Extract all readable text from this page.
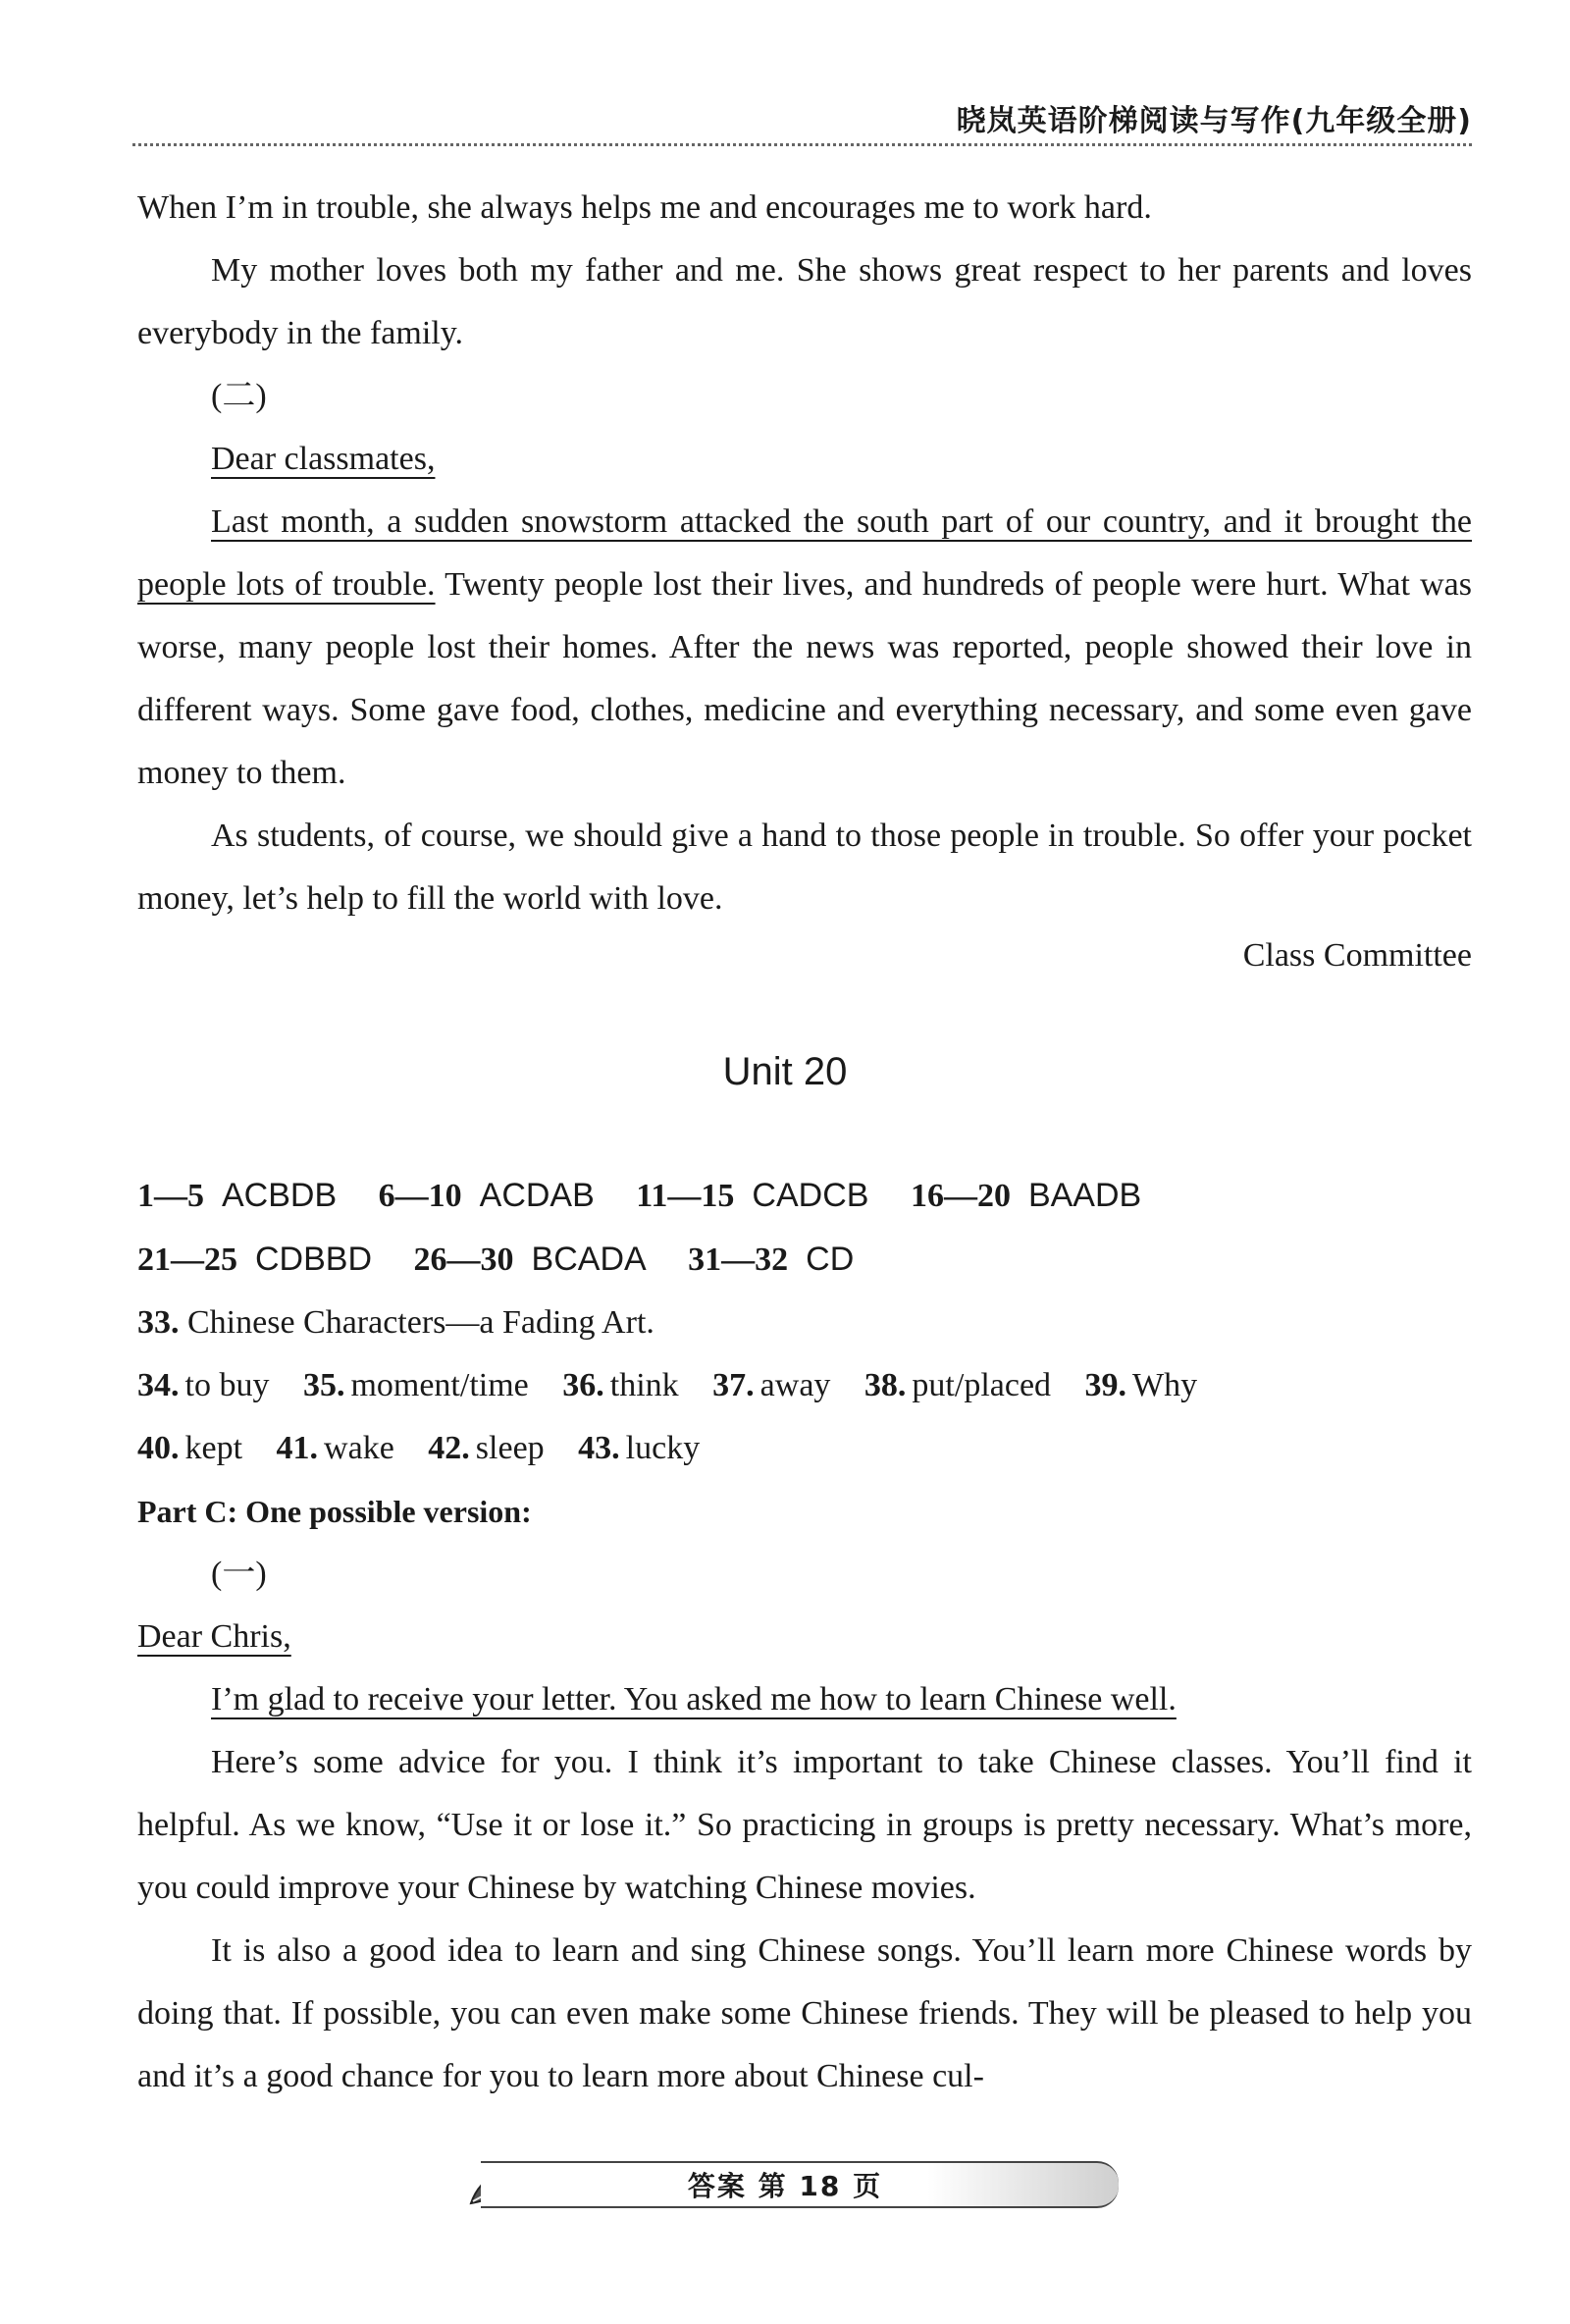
晓岚英语阶梯阅读与写作(九年级全册)

When I’m in trouble, she always helps me and encourages me to work hard.

My mother loves both my father and me. She shows great respect to her parents and loves everybody in the family.

(二)

Dear classmates,

Last month, a sudden snowstorm attacked the south part of our country, and it brought the people lots of trouble. Twenty people lost their lives, and hundreds of people were hurt. What was worse, many people lost their homes. After the news was reported, people showed their love in different ways. Some gave food, clothes, medicine and everything necessary, and some even gave money to them.

As students, of course, we should give a hand to those people in trouble. So offer your pocket money, let’s help to fill the world with love.

Class Committee

Unit 20
1—5 ACBDB 6—10 ACDAB 11—15 CADCB 16—20 BAADB
21—25 CDBBD 26—30 BCADA 31—32 CD
33. Chinese Characters—a Fading Art.
34. to buy 35. moment/time 36. think 37. away 38. put/placed 39. Why
40. kept 41. wake 42. sleep 43. lucky
Part C: One possible version:

(一)

Dear Chris,

I’m glad to receive your letter. You asked me how to learn Chinese well.

Here’s some advice for you. I think it’s important to take Chinese classes. You’ll find it helpful. As we know, “Use it or lose it.” So practicing in groups is pretty necessary. What’s more, you could improve your Chinese by watching Chinese movies.

It is also a good idea to learn and sing Chinese songs. You’ll learn more Chinese words by doing that. If possible, you can even make some Chinese friends. They will be pleased to help you and it’s a good chance for you to learn more about Chinese cul-

答案 第 18 页
